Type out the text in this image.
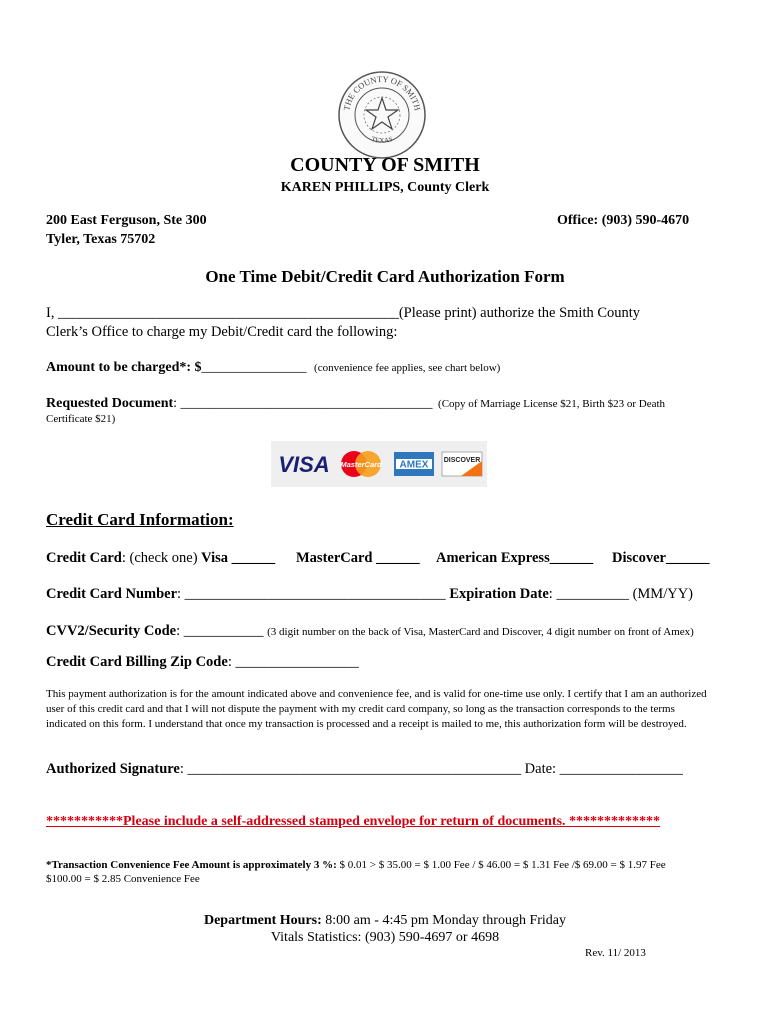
THE COUNTY OF SMITH
TEXAS
COUNTY OF SMITH
KAREN PHILLIPS, County Clerk
200 East Ferguson, Ste 300
Tyler, Texas 75702
Office: (903) 590-4670
One Time Debit/Credit Card Authorization Form
I, _______________________________________________(Please print) authorize the Smith County
Clerk’s Office to charge my Debit/Credit card the following:
Amount to be charged*: $_______________ (convenience fee applies, see chart below)
Requested Document: ____________________________________ (Copy of Marriage License $21, Birth $23 or Death
Certificate $21)
VISA MasterCard AMEX DISCOVER
Credit Card Information:
Credit Card: (check one) Visa ______ MasterCard ______ American Express______ Discover______
Credit Card Number: ____________________________________ Expiration Date: __________ (MM/YY)
CVV2/Security Code: ___________ (3 digit number on the back of Visa, MasterCard and Discover, 4 digit number on front of Amex)
Credit Card Billing Zip Code: _________________
This payment authorization is for the amount indicated above and convenience fee, and is valid for one-time use only. I certify that I am an authorized user of this credit card and that I will not dispute the payment with my credit card company, so long as the transaction corresponds to the terms indicated on this form. I understand that once my transaction is processed and a receipt is mailed to me, this authorization form will be destroyed.
Authorized Signature: ______________________________________________ Date: _________________
***********Please include a self-addressed stamped envelope for return of documents. *************
*Transaction Convenience Fee Amount is approximately 3 %: $ 0.01 > $ 35.00 = $ 1.00 Fee / $ 46.00 = $ 1.31 Fee /$ 69.00 = $ 1.97 Fee
$100.00 = $ 2.85 Convenience Fee
Department Hours: 8:00 am - 4:45 pm Monday through Friday
Vitals Statistics: (903) 590-4697 or 4698
Rev. 11/ 2013
